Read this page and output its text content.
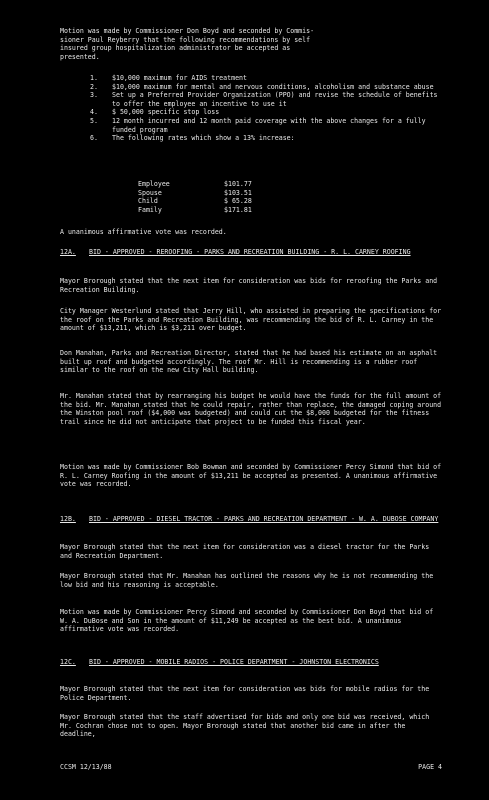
Motion was made by Commissioner Don Boyd and seconded by Commis-
sioner Paul Reyberry that the following recommendations by self
insured group hospitalization administrator be accepted as
presented.

1. $10,000 maximum for AIDS treatment
2. $10,000 maximum for mental and nervous conditions, alcoholism and substance abuse
3. Set up a Preferred Provider Organization (PPO) and revise the schedule of benefits to offer the employee an incentive to use it
4. $ 50,000 specific stop loss
5. 12 month incurred and 12 month paid coverage with the above changes for a fully funded program
6. The following rates which show a 13% increase:
Employee	$101.77
Spouse	$103.51
Child	$ 65.28
Family	$171.81

A unanimous affirmative vote was recorded.

12A. BID - APPROVED - REROOFING - PARKS AND RECREATION BUILDING - R. L. CARNEY ROOFING

Mayor Brorough stated that the next item for consideration was bids for reroofing the Parks and Recreation Building.

City Manager Westerlund stated that Jerry Hill, who assisted in preparing the specifications for the roof on the Parks and Recreation Building, was recommending the bid of R. L. Carney in the amount of $13,211, which is $3,211 over budget.

Don Manahan, Parks and Recreation Director, stated that he had based his estimate on an asphalt built up roof and budgeted accordingly. The roof Mr. Hill is recommending is a rubber roof similar to the roof on the new City Hall building.

Mr. Manahan stated that by rearranging his budget he would have the funds for the full amount of the bid. Mr. Manahan stated that he could repair, rather than replace, the damaged coping around the Winston pool roof ($4,000 was budgeted) and could cut the $8,000 budgeted for the fitness trail since he did not anticipate that project to be funded this fiscal year.

Motion was made by Commissioner Bob Bowman and seconded by Commissioner Percy Simond that bid of R. L. Carney Roofing in the amount of $13,211 be accepted as presented. A unanimous affirmative vote was recorded.

12B. BID - APPROVED - DIESEL TRACTOR - PARKS AND RECREATION DEPARTMENT - W. A. DUBOSE COMPANY

Mayor Brorough stated that the next item for consideration was a diesel tractor for the Parks and Recreation Department.

Mayor Brorough stated that Mr. Manahan has outlined the reasons why he is not recommending the low bid and his reasoning is acceptable.

Motion was made by Commissioner Percy Simond and seconded by Commissioner Don Boyd that bid of W. A. DuBose and Son in the amount of $11,249 be accepted as the best bid. A unanimous affirmative vote was recorded.

12C. BID - APPROVED - MOBILE RADIOS - POLICE DEPARTMENT - JOHNSTON ELECTRONICS

Mayor Brorough stated that the next item for consideration was bids for mobile radios for the Police Department.

Mayor Brorough stated that the staff advertised for bids and only one bid was received, which Mr. Cochran chose not to open. Mayor Brorough stated that another bid came in after the deadline,

CCSM 12/13/88	PAGE 4
